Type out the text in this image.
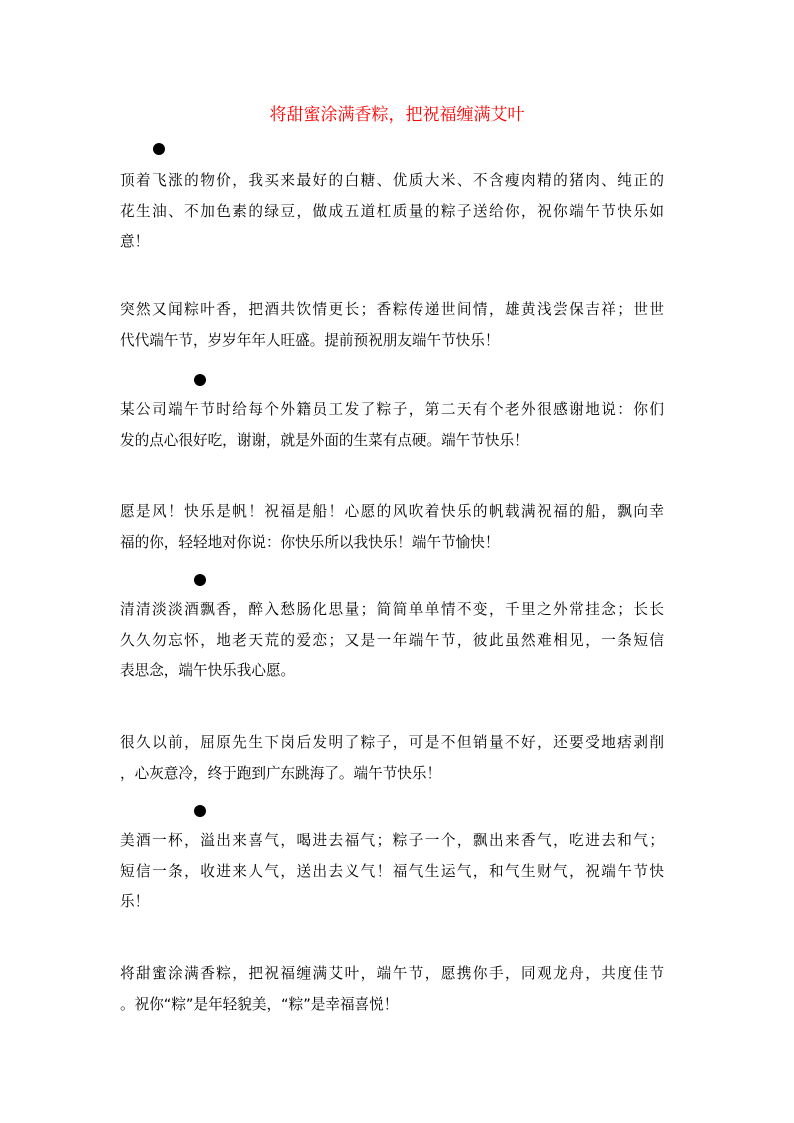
将甜蜜涂满香粽，把祝福缠满艾叶
顶着飞涨的物价，我买来最好的白糖、优质大米、不含瘦肉精的猪肉、纯正的
花生油、不加色素的绿豆，做成五道杠质量的粽子送给你，祝你端午节快乐如
意！
突然又闻粽叶香，把酒共饮情更长；香粽传递世间情，雄黄浅尝保吉祥；世世
代代端午节，岁岁年年人旺盛。提前预祝朋友端午节快乐！
某公司端午节时给每个外籍员工发了粽子，第二天有个老外很感谢地说：你们
发的点心很好吃，谢谢，就是外面的生菜有点硬。端午节快乐！
愿是风！快乐是帆！祝福是船！心愿的风吹着快乐的帆载满祝福的船，飘向幸
福的你，轻轻地对你说：你快乐所以我快乐！端午节愉快！
清清淡淡酒飘香，醉入愁肠化思量；简简单单情不变，千里之外常挂念；长长
久久勿忘怀，地老天荒的爱恋；又是一年端午节，彼此虽然难相见，一条短信
表思念，端午快乐我心愿。
很久以前，屈原先生下岗后发明了粽子，可是不但销量不好，还要受地痞剥削
，心灰意冷，终于跑到广东跳海了。端午节快乐！
美酒一杯，溢出来喜气，喝进去福气；粽子一个，飘出来香气，吃进去和气；
短信一条，收进来人气，送出去义气！福气生运气，和气生财气，祝端午节快
乐！
将甜蜜涂满香粽，把祝福缠满艾叶，端午节，愿携你手，同观龙舟，共度佳节
。祝你“粽”是年轻貌美，“粽”是幸福喜悦！
